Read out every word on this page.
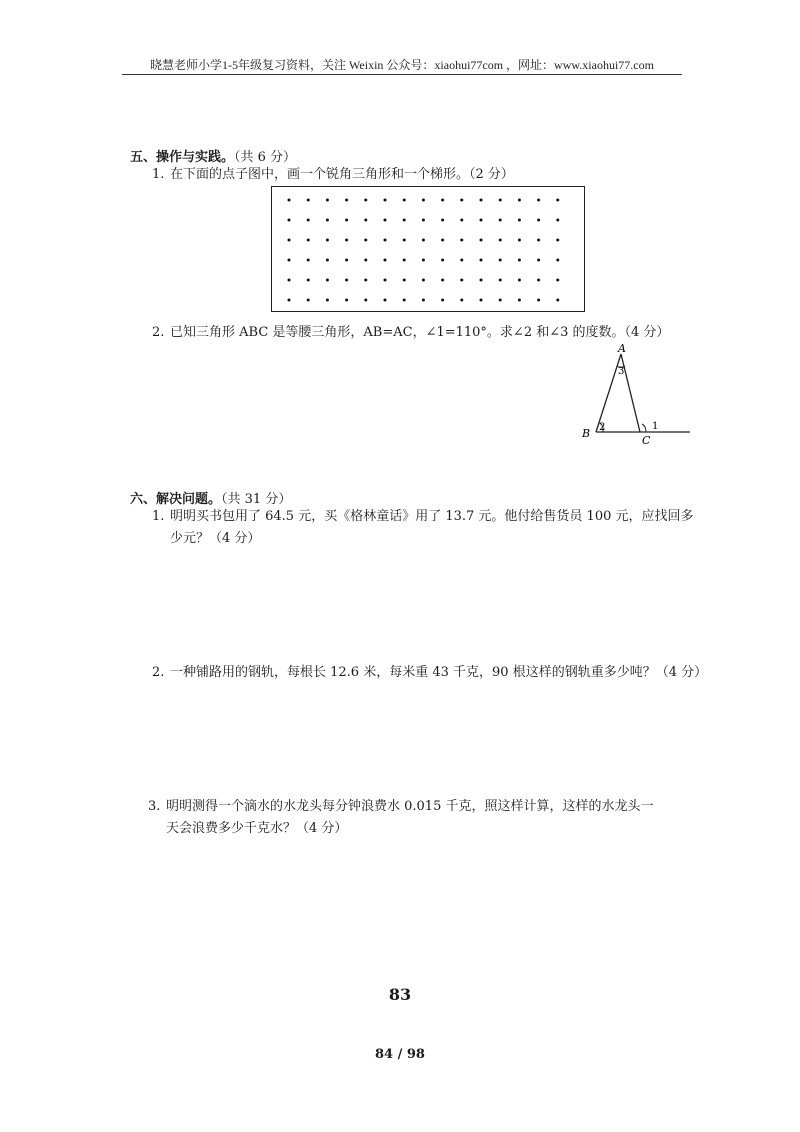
晓慧老师小学1-5年级复习资料，关注 Weixin 公众号：xiaohui77com ，网址：www.xiaohui77.com
五、操作与实践。（共 6 分）
1. 在下面的点子图中，画一个锐角三角形和一个梯形。（2 分）
2. 已知三角形 ABC 是等腰三角形，AB=AC，∠1=110°。求∠2 和∠3 的度数。（4 分）
A
B
C
1
2
3
六、解决问题。（共 31 分）
1. 明明买书包用了 64.5 元，买《格林童话》用了 13.7 元。他付给售货员 100 元，应找回多
少元？（4 分）
2. 一种铺路用的钢轨，每根长 12.6 米，每米重 43 千克，90 根这样的钢轨重多少吨？（4 分）
3. 明明测得一个滴水的水龙头每分钟浪费水 0.015 千克，照这样计算，这样的水龙头一
天会浪费多少千克水？（4 分）
83
84 / 98
